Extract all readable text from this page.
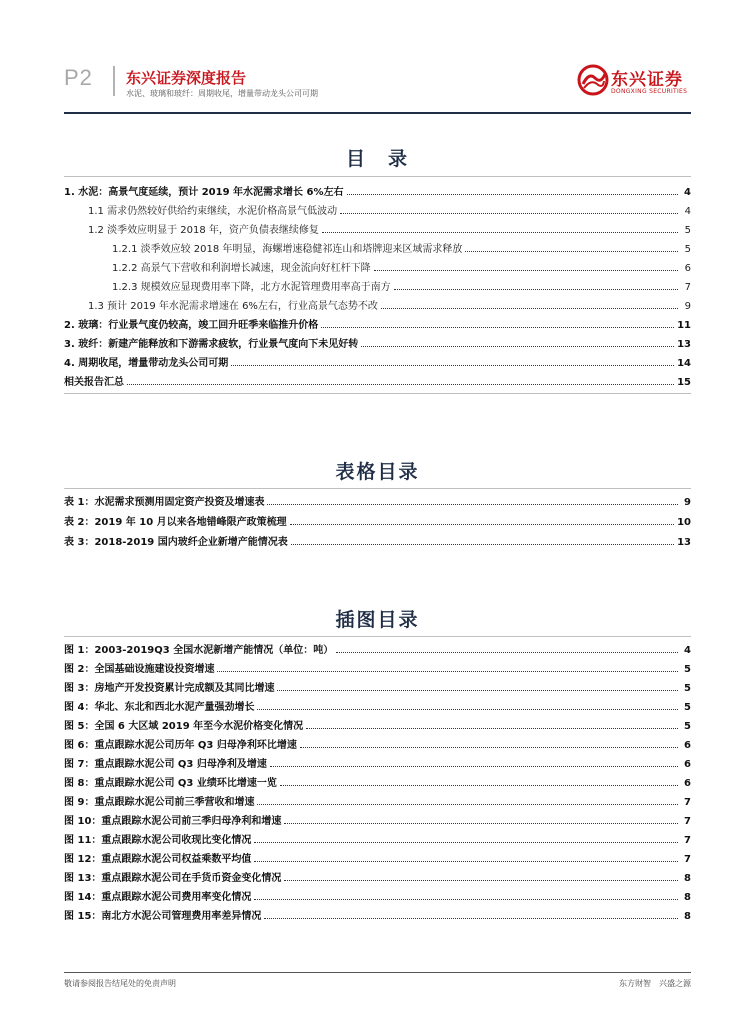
P2 东兴证券深度报告
水泥、玻璃和玻纤：周期收尾，增量带动龙头公司可期
东兴证券
DONGXING SECURITIES
目　录
1. 水泥：高景气度延续，预计 2019 年水泥需求增长 6%左右	4
1.1 需求仍然较好供给约束继续，水泥价格高景气低波动	4
1.2 淡季效应明显于 2018 年，资产负债表继续修复	5
1.2.1 淡季效应较 2018 年明显，海螺增速稳健祁连山和塔牌迎来区域需求释放	5
1.2.2 高景气下营收和利润增长减速，现金流向好杠杆下降	6
1.2.3 规模效应显现费用率下降，北方水泥管理费用率高于南方	7
1.3 预计 2019 年水泥需求增速在 6%左右，行业高景气态势不改	9
2. 玻璃：行业景气度仍较高，竣工回升旺季来临推升价格	11
3. 玻纤：新建产能释放和下游需求疲软，行业景气度向下未见好转	13
4. 周期收尾，增量带动龙头公司可期	14
相关报告汇总	15
表格目录
表 1：水泥需求预测用固定资产投资及增速表	9
表 2：2019 年 10 月以来各地错峰限产政策梳理	10
表 3：2018-2019 国内玻纤企业新增产能情况表	13
插图目录
图 1：2003-2019Q3 全国水泥新增产能情况（单位：吨）	4
图 2：全国基础设施建设投资增速	5
图 3：房地产开发投资累计完成额及其同比增速	5
图 4：华北、东北和西北水泥产量强劲增长	5
图 5：全国 6 大区域 2019 年至今水泥价格变化情况	5
图 6：重点跟踪水泥公司历年 Q3 归母净利环比增速	6
图 7：重点跟踪水泥公司 Q3 归母净利及增速	6
图 8：重点跟踪水泥公司 Q3 业绩环比增速一览	6
图 9：重点跟踪水泥公司前三季营收和增速	7
图 10：重点跟踪水泥公司前三季归母净利和增速	7
图 11：重点跟踪水泥公司收现比变化情况	7
图 12：重点跟踪水泥公司权益乘数平均值	7
图 13：重点跟踪水泥公司在手货币资金变化情况	8
图 14：重点跟踪水泥公司费用率变化情况	8
图 15：南北方水泥公司管理费用率差异情况	8
敬请参阅报告结尾处的免责声明	东方财智　兴盛之源
